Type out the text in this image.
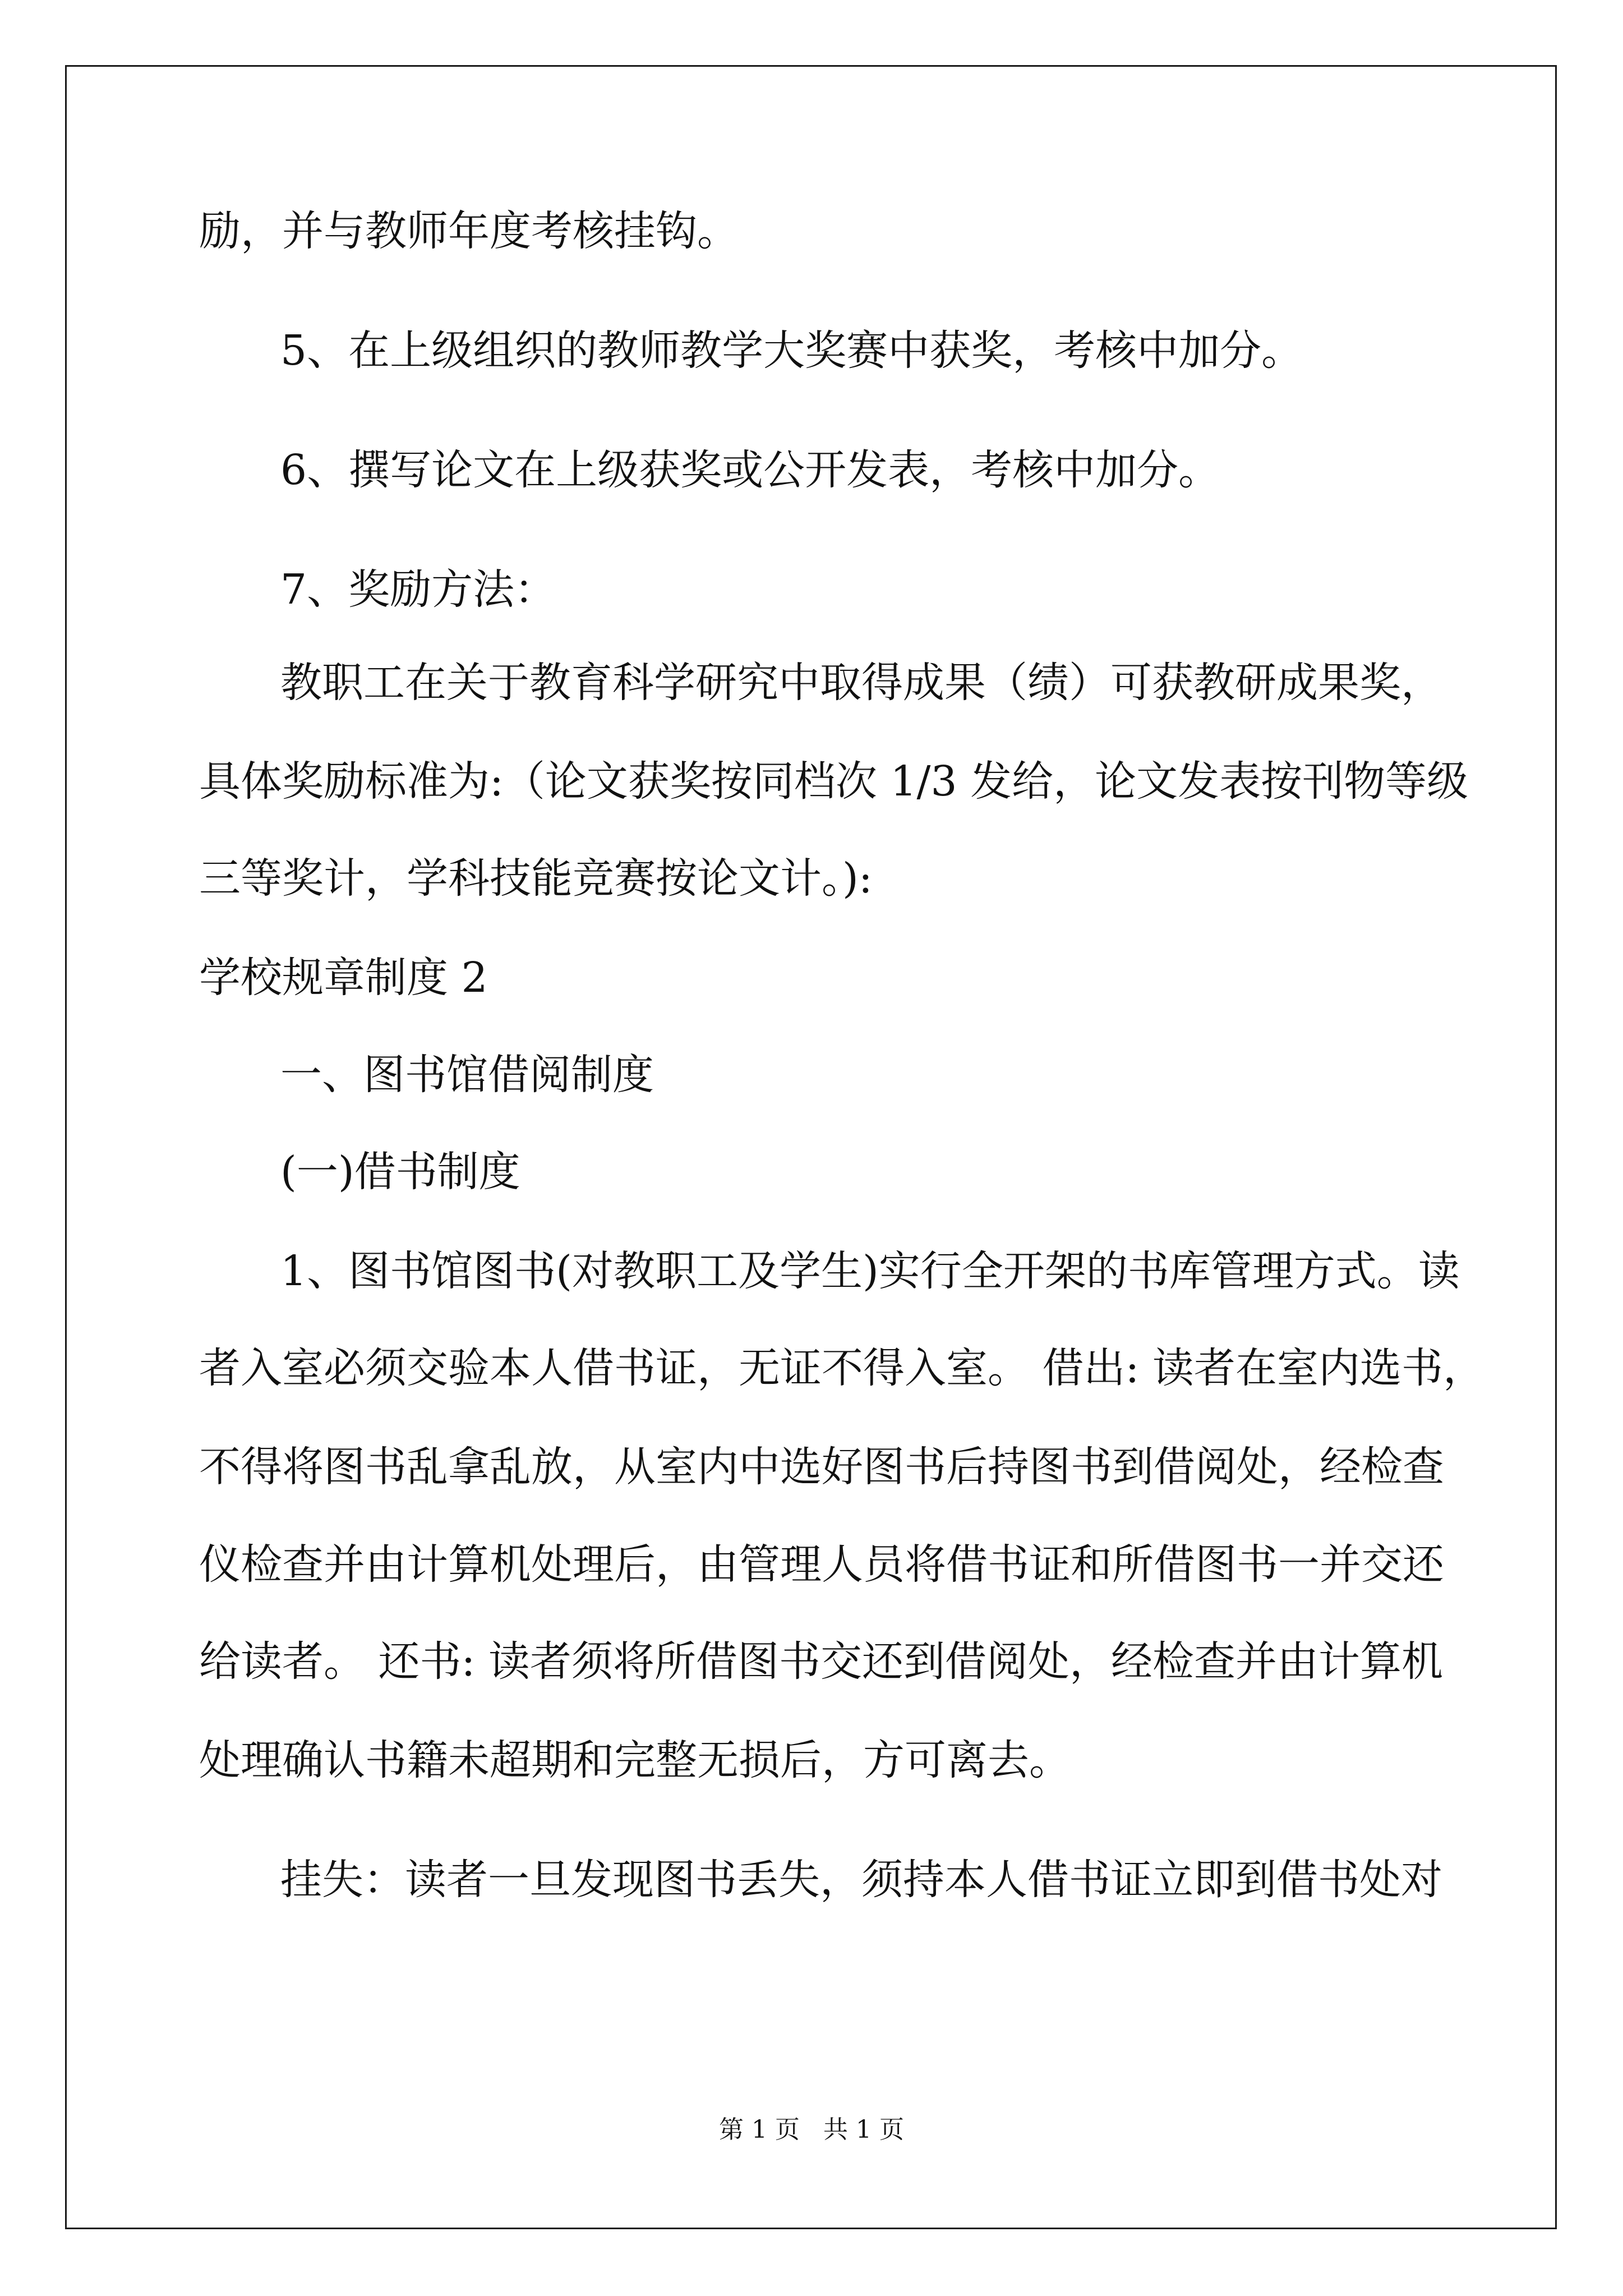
励，并与教师年度考核挂钩。
5、在上级组织的教师教学大奖赛中获奖，考核中加分。
6、撰写论文在上级获奖或公开发表，考核中加分。
7、奖励方法：
教职工在关于教育科学研究中取得成果（绩）可获教研成果奖，
具体奖励标准为:（论文获奖按同档次 1/3 发给，论文发表按刊物等级
三等奖计，学科技能竞赛按论文计。):
学校规章制度 2
一、图书馆借阅制度
(一)借书制度
1、图书馆图书(对教职工及学生)实行全开架的书库管理方式。读
者入室必须交验本人借书证，无证不得入室。 借出: 读者在室内选书，
不得将图书乱拿乱放，从室内中选好图书后持图书到借阅处，经检查
仪检查并由计算机处理后，由管理人员将借书证和所借图书一并交还
给读者。 还书: 读者须将所借图书交还到借阅处，经检查并由计算机
处理确认书籍未超期和完整无损后，方可离去。
挂失：读者一旦发现图书丢失，须持本人借书证立即到借书处对
第 1 页 共 1 页
